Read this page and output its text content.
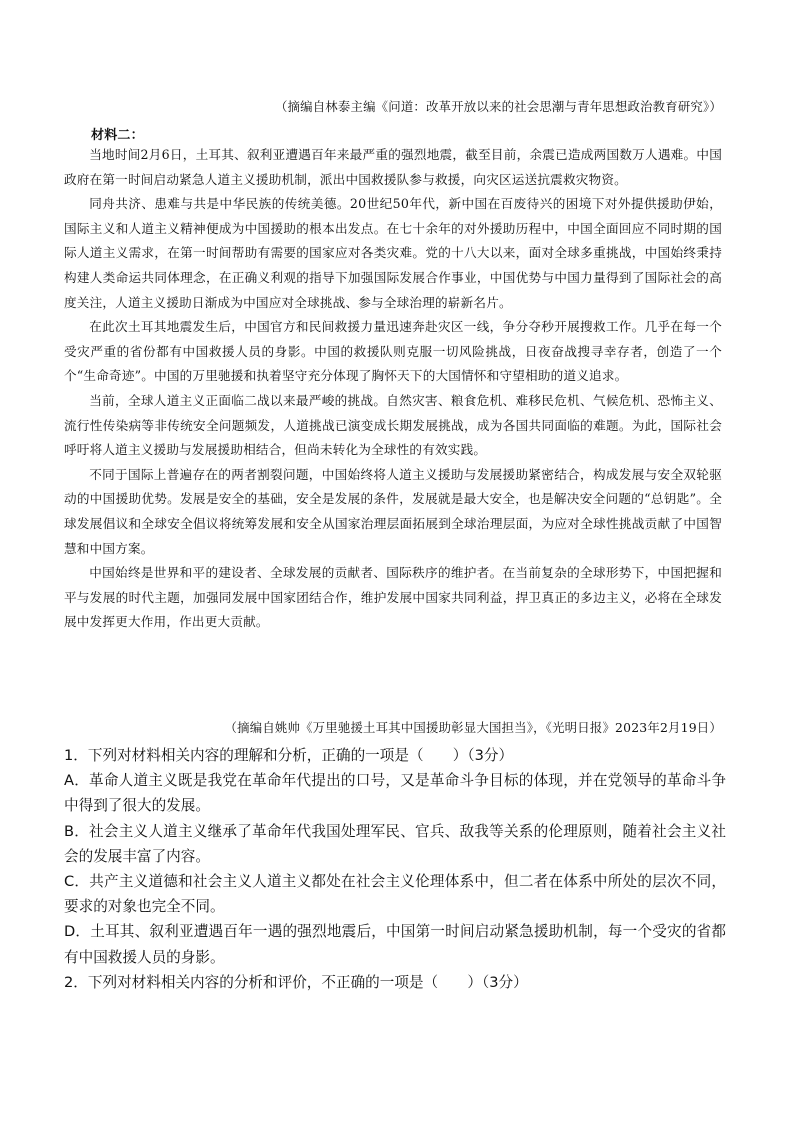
（摘编自林泰主编《问道：改革开放以来的社会思潮与青年思想政治教育研究》）
材料二：

当地时间2月6日，土耳其、叙利亚遭遇百年来最严重的强烈地震，截至目前，余震已造成两国数万人遇难。中国政府在第一时间启动紧急人道主义援助机制，派出中国救援队参与救援，向灾区运送抗震救灾物资。

同舟共济、患难与共是中华民族的传统美德。20世纪50年代，新中国在百废待兴的困境下对外提供援助伊始，国际主义和人道主义精神便成为中国援助的根本出发点。在七十余年的对外援助历程中，中国全面回应不同时期的国际人道主义需求，在第一时间帮助有需要的国家应对各类灾难。党的十八大以来，面对全球多重挑战，中国始终秉持构建人类命运共同体理念，在正确义利观的指导下加强国际发展合作事业，中国优势与中国力量得到了国际社会的高度关注，人道主义援助日渐成为中国应对全球挑战、参与全球治理的崭新名片。

在此次土耳其地震发生后，中国官方和民间救援力量迅速奔赴灾区一线，争分夺秒开展搜救工作。几乎在每一个受灾严重的省份都有中国救援人员的身影。中国的救援队则克服一切风险挑战，日夜奋战搜寻幸存者，创造了一个个“生命奇迹”。中国的万里驰援和执着坚守充分体现了胸怀天下的大国情怀和守望相助的道义追求。

当前，全球人道主义正面临二战以来最严峻的挑战。自然灾害、粮食危机、难移民危机、气候危机、恐怖主义、流行性传染病等非传统安全问题频发，人道挑战已演变成长期发展挑战，成为各国共同面临的难题。为此，国际社会呼吁将人道主义援助与发展援助相结合，但尚未转化为全球性的有效实践。

不同于国际上普遍存在的两者割裂问题，中国始终将人道主义援助与发展援助紧密结合，构成发展与安全双轮驱动的中国援助优势。发展是安全的基础，安全是发展的条件，发展就是最大安全，也是解决安全问题的“总钥匙”。全球发展倡议和全球安全倡议将统筹发展和安全从国家治理层面拓展到全球治理层面，为应对全球性挑战贡献了中国智慧和中国方案。

中国始终是世界和平的建设者、全球发展的贡献者、国际秩序的维护者。在当前复杂的全球形势下，中国把握和平与发展的时代主题，加强同发展中国家团结合作，维护发展中国家共同利益，捍卫真正的多边主义，必将在全球发展中发挥更大作用，作出更大贡献。

（摘编自姚帅《万里驰援土耳其中国援助彰显大国担当》，《光明日报》2023年2月19日）

1．下列对材料相关内容的理解和分析，正确的一项是（　　）（3分）

A．革命人道主义既是我党在革命年代提出的口号，又是革命斗争目标的体现，并在党领导的革命斗争中得到了很大的发展。

B．社会主义人道主义继承了革命年代我国处理军民、官兵、敌我等关系的伦理原则，随着社会主义社会的发展丰富了内容。

C．共产主义道德和社会主义人道主义都处在社会主义伦理体系中，但二者在体系中所处的层次不同，要求的对象也完全不同。

D．土耳其、叙利亚遭遇百年一遇的强烈地震后，中国第一时间启动紧急援助机制，每一个受灾的省都有中国救援人员的身影。

2．下列对材料相关内容的分析和评价，不正确的一项是（　　）（3分）
